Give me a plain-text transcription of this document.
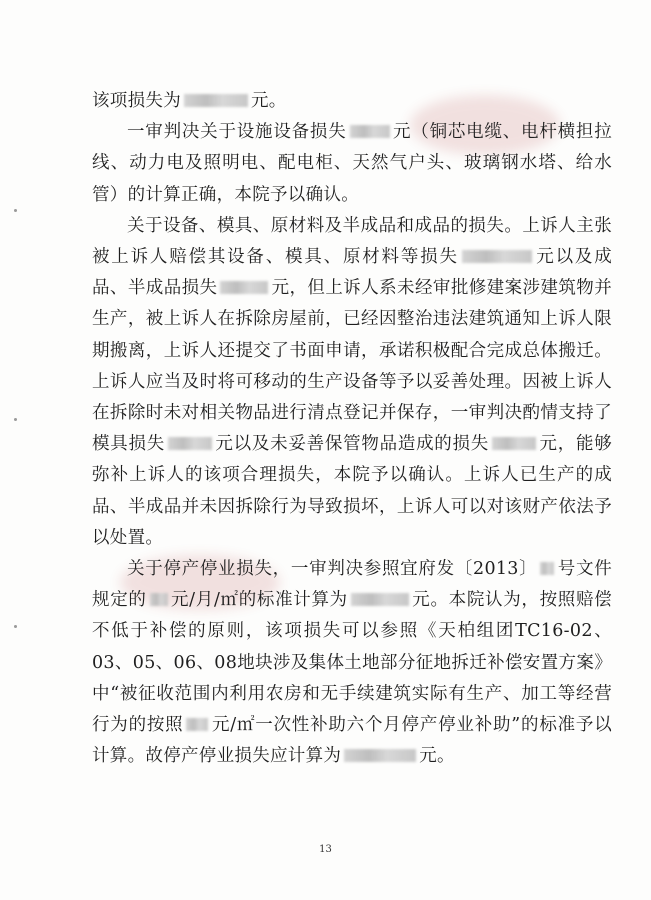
该项损失为	元。

一审判决关于设施设备损失	元（铜芯电缆、电杆横担拉线、动力电及照明电、配电柜、天然气户头、玻璃钢水塔、给水管）的计算正确，本院予以确认。

关于设备、模具、原材料及半成品和成品的损失。上诉人主张被上诉人赔偿其设备、模具、原材料等损失	元以及成品、半成品损失	元，但上诉人系未经审批修建案涉建筑物并生产，被上诉人在拆除房屋前，已经因整治违法建筑通知上诉人限期搬离，上诉人还提交了书面申请，承诺积极配合完成总体搬迁。上诉人应当及时将可移动的生产设备等予以妥善处理。因被上诉人在拆除时未对相关物品进行清点登记并保存，一审判决酌情支持了模具损失	元以及未妥善保管物品造成的损失	元，能够弥补上诉人的该项合理损失，本院予以确认。上诉人已生产的成品、半成品并未因拆除行为导致损坏，上诉人可以对该财产依法予以处置。

关于停产停业损失，一审判决参照宜府发〔2013〕 号文件规定的 元/月/㎡的标准计算为	元。本院认为，按照赔偿不低于补偿的原则，该项损失可以参照《天柏组团TC16-02、03、05、06、08地块涉及集体土地部分征地拆迁补偿安置方案》中“被征收范围内利用农房和无手续建筑实际有生产、加工等经营行为的按照 元/㎡一次性补助六个月停产停业补助”的标准予以计算。故停产停业损失应计算为	元。

13
